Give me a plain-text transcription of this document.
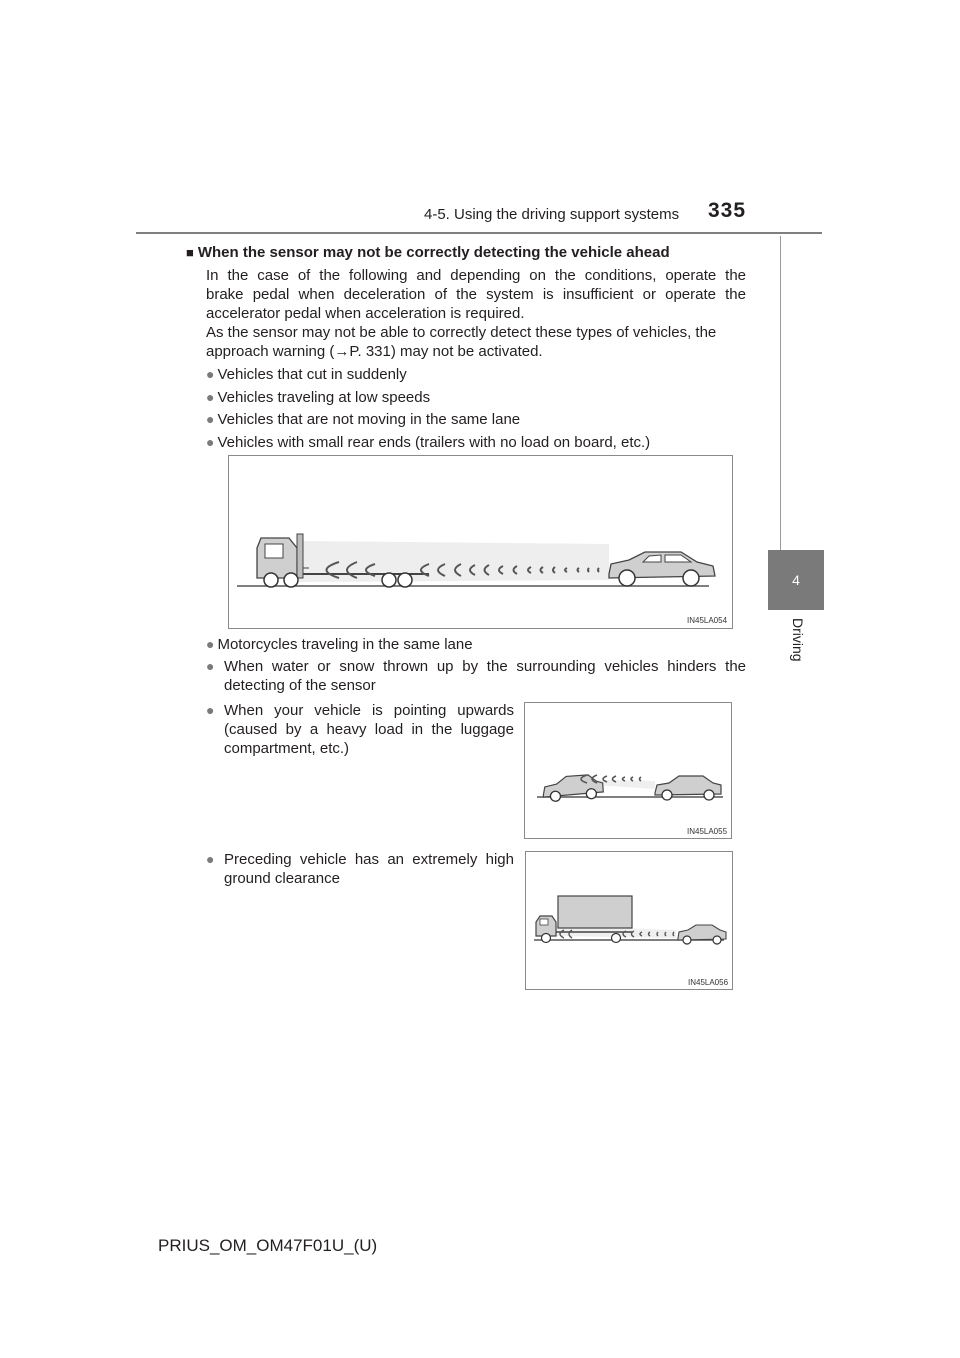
4-5. Using the driving support systems 335
4
Driving
■ When the sensor may not be correctly detecting the vehicle ahead
In the case of the following and depending on the conditions, operate the
brake pedal when deceleration of the system is insufficient or operate the
accelerator pedal when acceleration is required.
As the sensor may not be able to correctly detect these types of vehicles, the
approach warning (→P. 331) may not be activated.
● Vehicles that cut in suddenly
● Vehicles traveling at low speeds
● Vehicles that are not moving in the same lane
● Vehicles with small rear ends (trailers with no load on board, etc.)
IN45LA054
● Motorcycles traveling in the same lane
● When water or snow thrown up by the surrounding vehicles hinders the
detecting of the sensor
● When your vehicle is pointing upwards
(caused by a heavy load in the luggage
compartment, etc.)
IN45LA055
● Preceding vehicle has an extremely high
ground clearance
IN45LA056
PRIUS_OM_OM47F01U_(U)
